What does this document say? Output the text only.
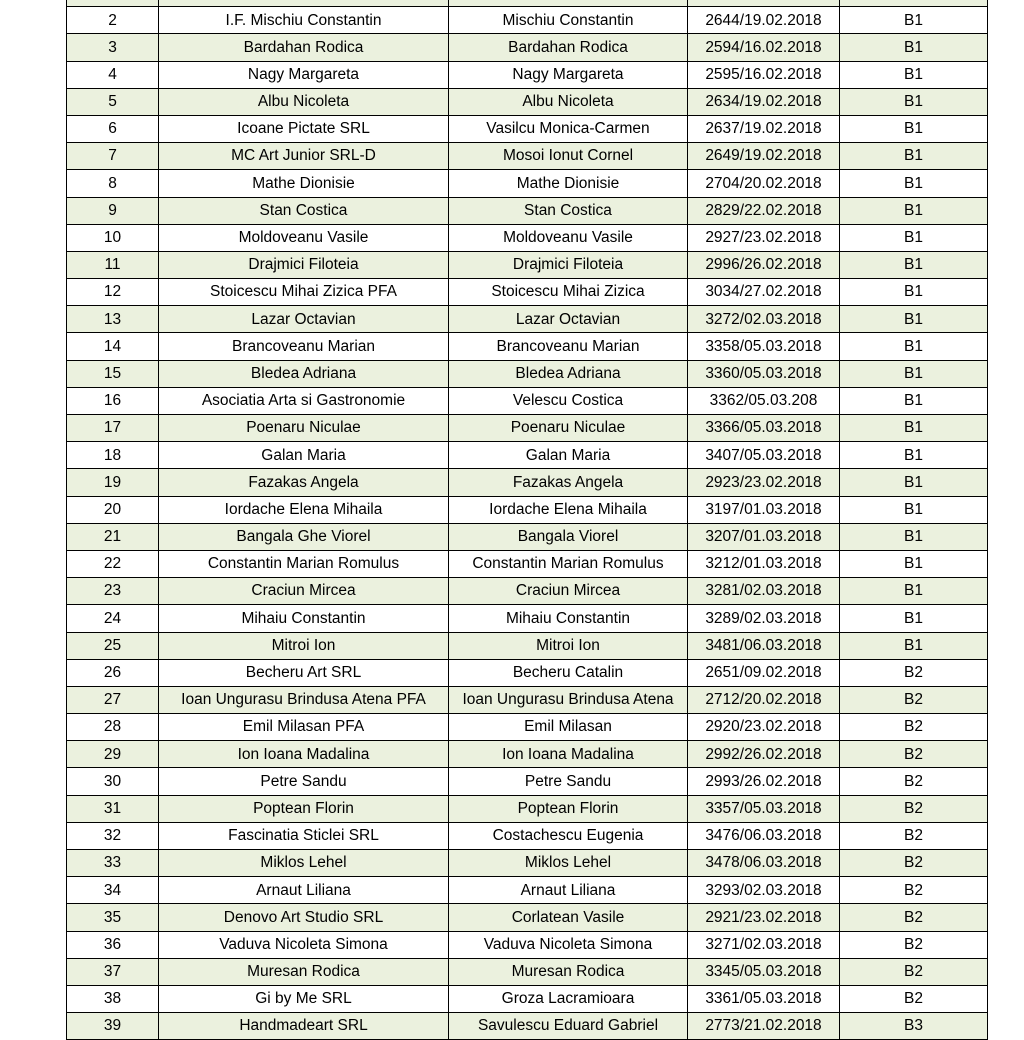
2	I.F. Mischiu Constantin	Mischiu Constantin	2644/19.02.2018	B1
3	Bardahan Rodica	Bardahan Rodica	2594/16.02.2018	B1
4	Nagy Margareta	Nagy Margareta	2595/16.02.2018	B1
5	Albu Nicoleta	Albu Nicoleta	2634/19.02.2018	B1
6	Icoane Pictate SRL	Vasilcu Monica-Carmen	2637/19.02.2018	B1
7	MC Art Junior SRL-D	Mosoi Ionut Cornel	2649/19.02.2018	B1
8	Mathe Dionisie	Mathe Dionisie	2704/20.02.2018	B1
9	Stan Costica	Stan Costica	2829/22.02.2018	B1
10	Moldoveanu Vasile	Moldoveanu Vasile	2927/23.02.2018	B1
11	Drajmici Filoteia	Drajmici Filoteia	2996/26.02.2018	B1
12	Stoicescu Mihai Zizica PFA	Stoicescu Mihai Zizica	3034/27.02.2018	B1
13	Lazar Octavian	Lazar Octavian	3272/02.03.2018	B1
14	Brancoveanu Marian	Brancoveanu Marian	3358/05.03.2018	B1
15	Bledea Adriana	Bledea Adriana	3360/05.03.2018	B1
16	Asociatia Arta si Gastronomie	Velescu Costica	3362/05.03.208	B1
17	Poenaru Niculae	Poenaru Niculae	3366/05.03.2018	B1
18	Galan Maria	Galan Maria	3407/05.03.2018	B1
19	Fazakas Angela	Fazakas Angela	2923/23.02.2018	B1
20	Iordache Elena Mihaila	Iordache Elena Mihaila	3197/01.03.2018	B1
21	Bangala Ghe Viorel	Bangala Viorel	3207/01.03.2018	B1
22	Constantin Marian Romulus	Constantin Marian Romulus	3212/01.03.2018	B1
23	Craciun Mircea	Craciun Mircea	3281/02.03.2018	B1
24	Mihaiu Constantin	Mihaiu Constantin	3289/02.03.2018	B1
25	Mitroi Ion	Mitroi Ion	3481/06.03.2018	B1
26	Becheru Art SRL	Becheru Catalin	2651/09.02.2018	B2
27	Ioan Ungurasu Brindusa Atena PFA	Ioan Ungurasu Brindusa Atena	2712/20.02.2018	B2
28	Emil Milasan PFA	Emil Milasan	2920/23.02.2018	B2
29	Ion Ioana Madalina	Ion Ioana Madalina	2992/26.02.2018	B2
30	Petre Sandu	Petre Sandu	2993/26.02.2018	B2
31	Poptean Florin	Poptean Florin	3357/05.03.2018	B2
32	Fascinatia Sticlei SRL	Costachescu Eugenia	3476/06.03.2018	B2
33	Miklos Lehel	Miklos Lehel	3478/06.03.2018	B2
34	Arnaut Liliana	Arnaut Liliana	3293/02.03.2018	B2
35	Denovo Art Studio SRL	Corlatean Vasile	2921/23.02.2018	B2
36	Vaduva Nicoleta Simona	Vaduva Nicoleta Simona	3271/02.03.2018	B2
37	Muresan Rodica	Muresan Rodica	3345/05.03.2018	B2
38	Gi by Me SRL	Groza Lacramioara	3361/05.03.2018	B2
39	Handmadeart SRL	Savulescu Eduard Gabriel	2773/21.02.2018	B3
